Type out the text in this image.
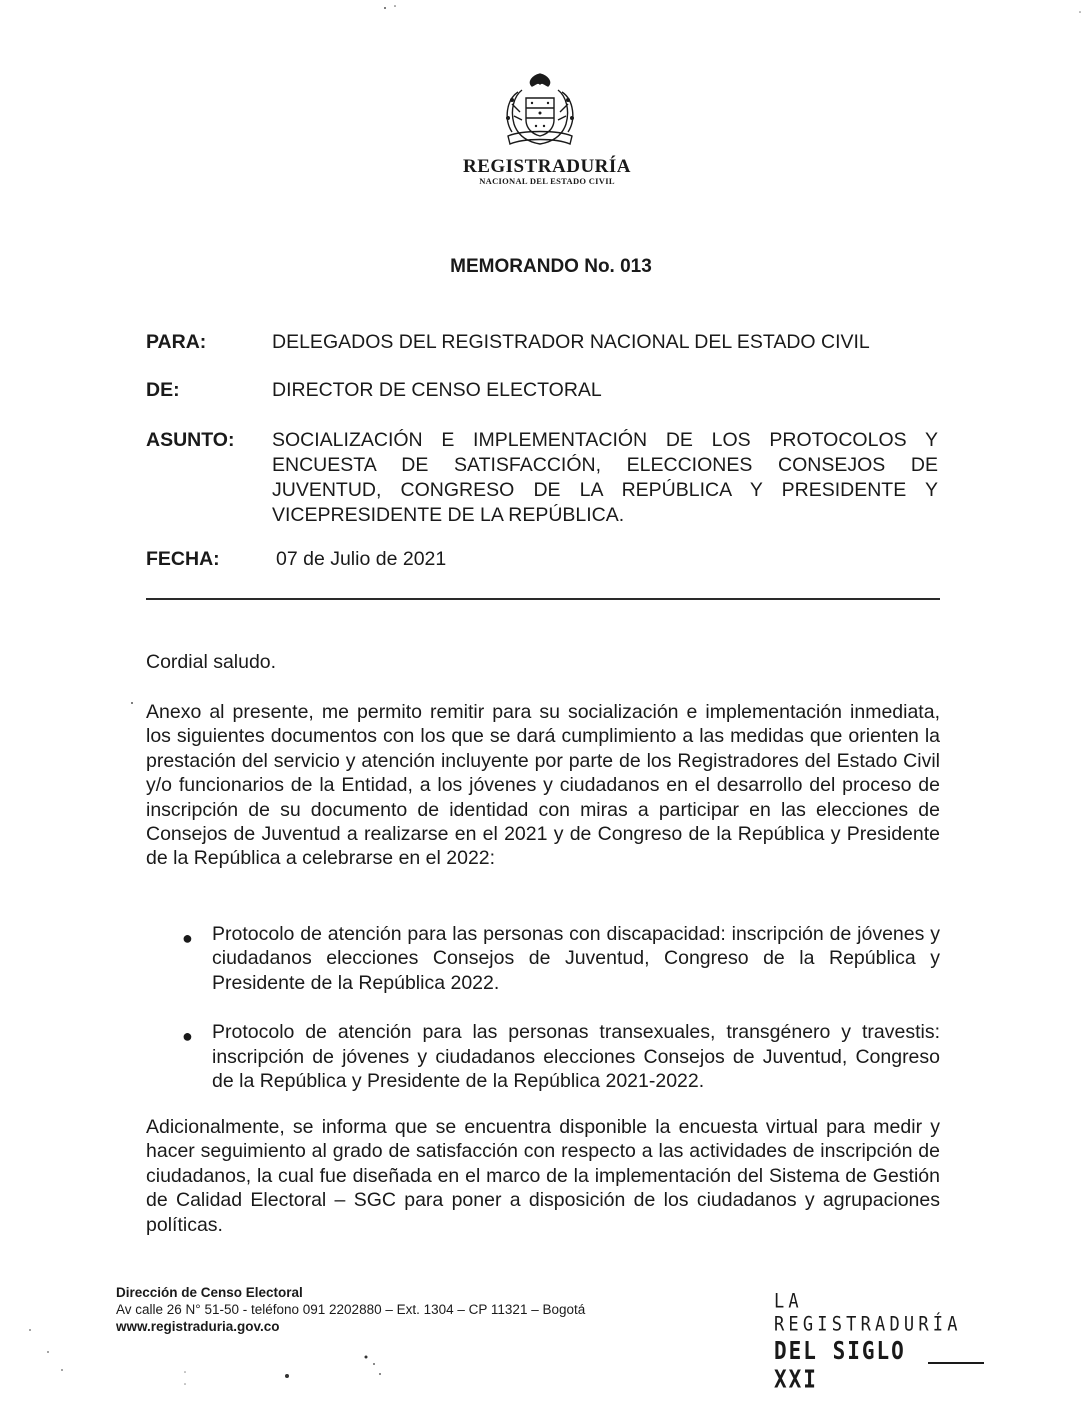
REGISTRADURÍA
NACIONAL DEL ESTADO CIVIL
MEMORANDO No. 013
PARA:	DELEGADOS DEL REGISTRADOR NACIONAL DEL ESTADO CIVIL
DE:	DIRECTOR DE CENSO ELECTORAL
ASUNTO: SOCIALIZACIÓN E IMPLEMENTACIÓN DE LOS PROTOCOLOS Y ENCUESTA DE SATISFACCIÓN, ELECCIONES CONSEJOS DE JUVENTUD, CONGRESO DE LA REPÚBLICA Y PRESIDENTE Y VICEPRESIDENTE DE LA REPÚBLICA.
FECHA:	07 de Julio de 2021
Cordial saludo.
Anexo al presente, me permito remitir para su socialización e implementación inmediata, los siguientes documentos con los que se dará cumplimiento a las medidas que orienten la prestación del servicio y atención incluyente por parte de los Registradores del Estado Civil y/o funcionarios de la Entidad, a los jóvenes y ciudadanos en el desarrollo del proceso de inscripción de su documento de identidad con miras a participar en las elecciones de Consejos de Juventud a realizarse en el 2021 y de Congreso de la República y Presidente de la República a celebrarse en el 2022:
● Protocolo de atención para las personas con discapacidad: inscripción de jóvenes y ciudadanos elecciones Consejos de Juventud, Congreso de la República y Presidente de la República 2022.
● Protocolo de atención para las personas transexuales, transgénero y travestis: inscripción de jóvenes y ciudadanos elecciones Consejos de Juventud, Congreso de la República y Presidente de la República 2021-2022.
Adicionalmente, se informa que se encuentra disponible la encuesta virtual para medir y hacer seguimiento al grado de satisfacción con respecto a las actividades de inscripción de ciudadanos, la cual fue diseñada en el marco de la implementación del Sistema de Gestión de Calidad Electoral – SGC para poner a disposición de los ciudadanos y agrupaciones políticas.
Dirección de Censo Electoral
Av calle 26 N° 51-50 - teléfono 091 2202880 – Ext. 1304 – CP 11321 – Bogotá
www.registraduria.gov.co
LA REGISTRADURÍA
DEL SIGLO XXI
